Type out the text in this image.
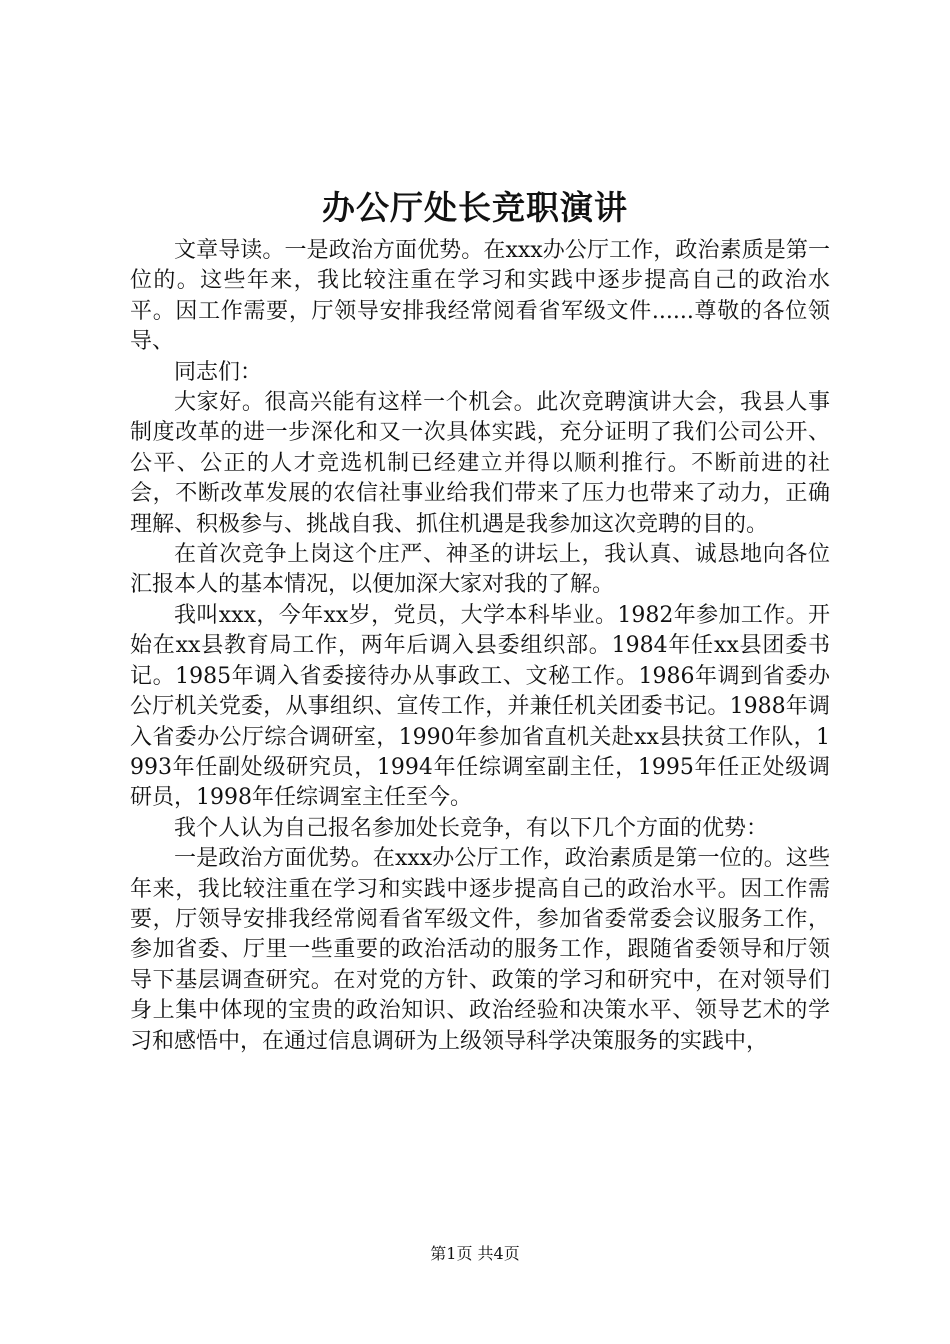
办公厅处长竞职演讲

文章导读。一是政治方面优势。在xxx办公厅工作，政治素质是第一位的。这些年来，我比较注重在学习和实践中逐步提高自己的政治水平。因工作需要，厅领导安排我经常阅看省军级文件......尊敬的各位领导、

同志们：

大家好。很高兴能有这样一个机会。此次竞聘演讲大会，我县人事制度改革的进一步深化和又一次具体实践，充分证明了我们公司公开、公平、公正的人才竞选机制已经建立并得以顺利推行。不断前进的社会，不断改革发展的农信社事业给我们带来了压力也带来了动力，正确理解、积极参与、挑战自我、抓住机遇是我参加这次竞聘的目的。

在首次竞争上岗这个庄严、神圣的讲坛上，我认真、诚恳地向各位汇报本人的基本情况，以便加深大家对我的了解。

我叫xxx，今年xx岁，党员，大学本科毕业。1982年参加工作。开始在xx县教育局工作，两年后调入县委组织部。1984年任xx县团委书记。1985年调入省委接待办从事政工、文秘工作。1986年调到省委办公厅机关党委，从事组织、宣传工作，并兼任机关团委书记。1988年调入省委办公厅综合调研室，1990年参加省直机关赴xx县扶贫工作队，1993年任副处级研究员，1994年任综调室副主任，1995年任正处级调研员，1998年任综调室主任至今。

我个人认为自己报名参加处长竞争，有以下几个方面的优势：

一是政治方面优势。在xxx办公厅工作，政治素质是第一位的。这些年来，我比较注重在学习和实践中逐步提高自己的政治水平。因工作需要，厅领导安排我经常阅看省军级文件，参加省委常委会议服务工作，参加省委、厅里一些重要的政治活动的服务工作，跟随省委领导和厅领导下基层调查研究。在对党的方针、政策的学习和研究中，在对领导们身上集中体现的宝贵的政治知识、政治经验和决策水平、领导艺术的学习和感悟中，在通过信息调研为上级领导科学决策服务的实践中，

第1页 共4页
